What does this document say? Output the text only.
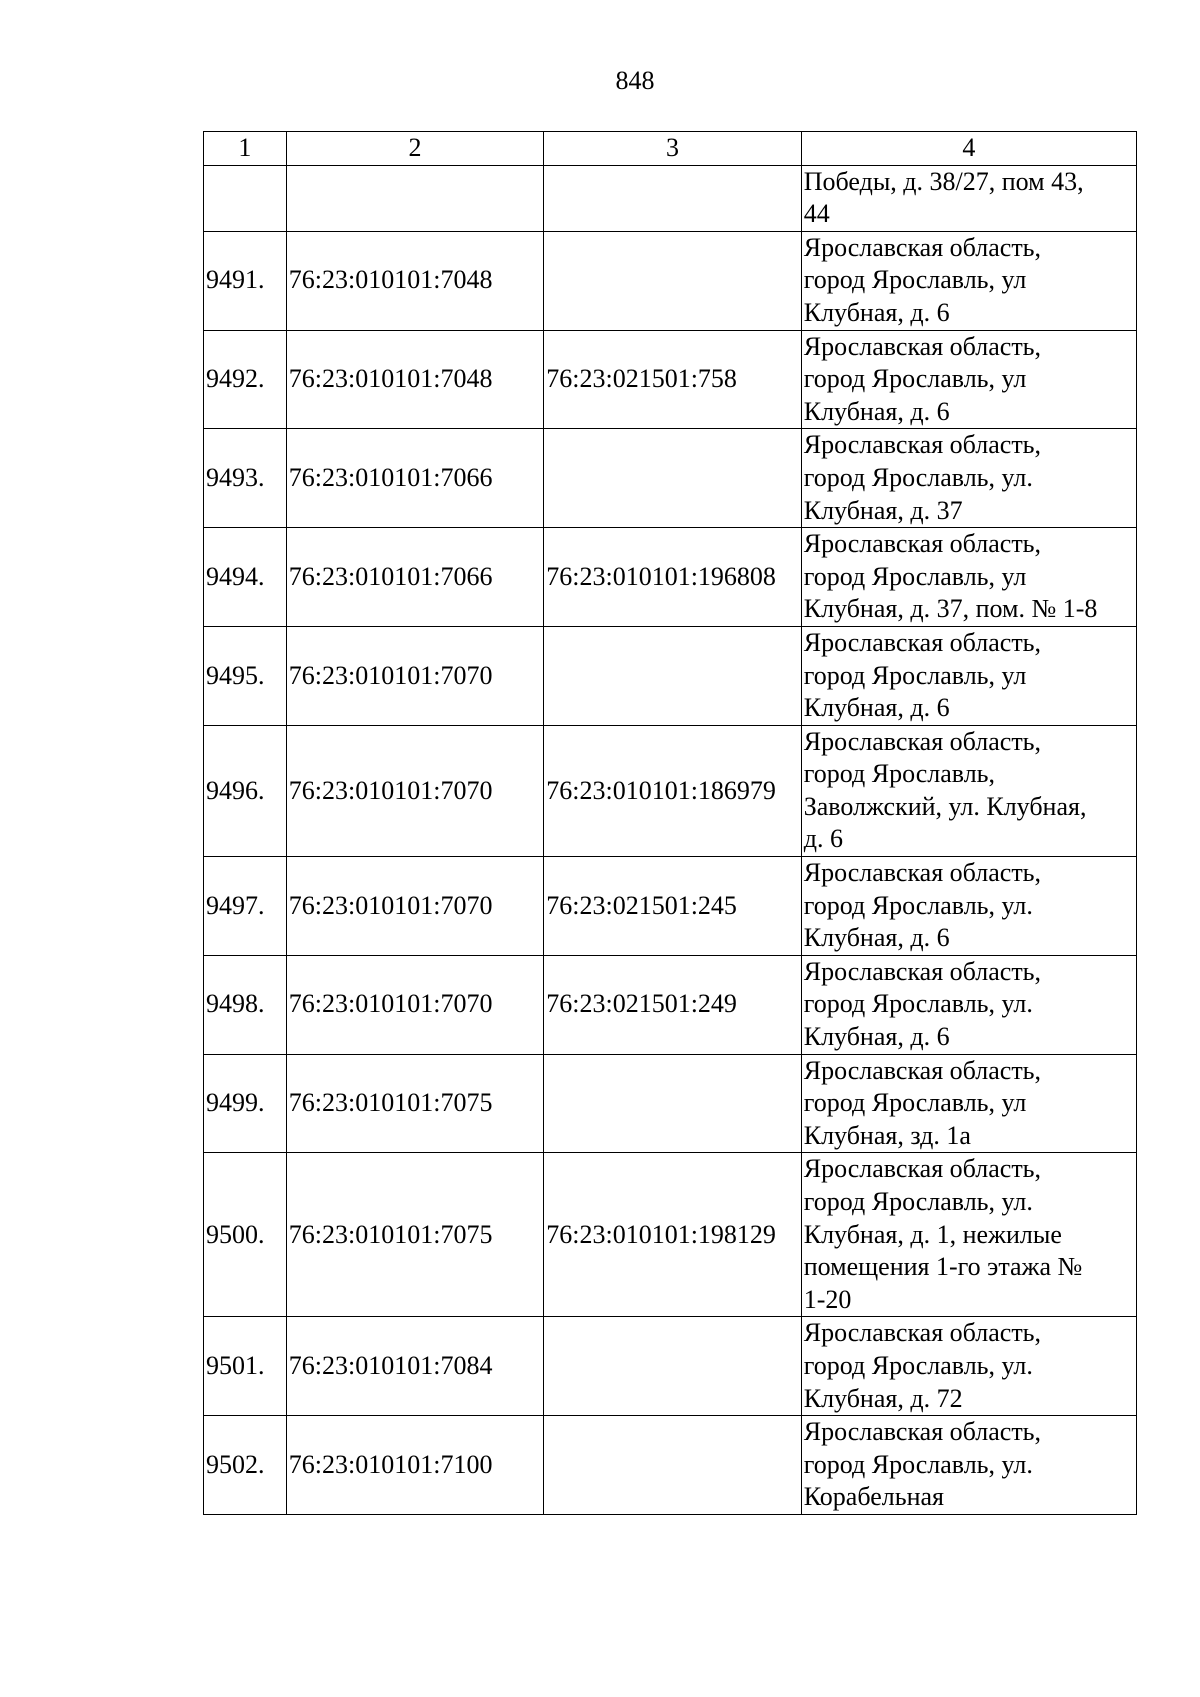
848
1	2	3	4

			Победы, д. 38/27, пом 43,
44

9491.	76:23:010101:7048		Ярославская область,
город Ярославль, ул
Клубная, д. 6

9492.	76:23:010101:7048	76:23:021501:758	Ярославская область,
город Ярославль, ул
Клубная, д. 6

9493.	76:23:010101:7066		Ярославская область,
город Ярославль, ул.
Клубная, д. 37

9494.	76:23:010101:7066	76:23:010101:196808	Ярославская область,
город Ярославль, ул
Клубная, д. 37, пом. № 1-8

9495.	76:23:010101:7070		Ярославская область,
город Ярославль, ул
Клубная, д. 6

9496.	76:23:010101:7070	76:23:010101:186979	Ярославская область,
город Ярославль,
Заволжский, ул. Клубная,
д. 6

9497.	76:23:010101:7070	76:23:021501:245	Ярославская область,
город Ярославль, ул.
Клубная, д. 6

9498.	76:23:010101:7070	76:23:021501:249	Ярославская область,
город Ярославль, ул.
Клубная, д. 6

9499.	76:23:010101:7075		Ярославская область,
город Ярославль, ул
Клубная, зд. 1а

9500.	76:23:010101:7075	76:23:010101:198129	Ярославская область,
город Ярославль, ул.
Клубная, д. 1, нежилые
помещения 1-го этажа №
1-20

9501.	76:23:010101:7084		Ярославская область,
город Ярославль, ул.
Клубная, д. 72

9502.	76:23:010101:7100		Ярославская область,
город Ярославль, ул.
Корабельная
